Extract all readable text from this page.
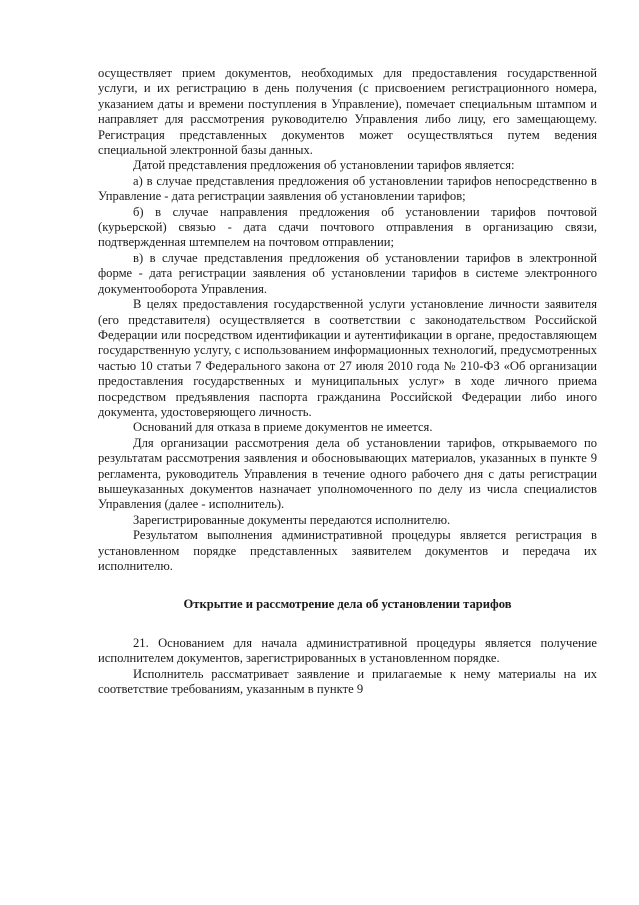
осуществляет прием документов, необходимых для предоставления государственной услуги, и их регистрацию в день получения (с присвоением регистрационного номера, указанием даты и времени поступления в Управление), помечает специальным штампом и направляет для рассмотрения руководителю Управления либо лицу, его замещающему. Регистрация представленных документов может осуществляться путем ведения специальной электронной базы данных.

Датой представления предложения об установлении тарифов является:

а) в случае представления предложения об установлении тарифов непосредственно в Управление - дата регистрации заявления об установлении тарифов;

б) в случае направления предложения об установлении тарифов почтовой (курьерской) связью - дата сдачи почтового отправления в организацию связи, подтвержденная штемпелем на почтовом отправлении;

в) в случае представления предложения об установлении тарифов в электронной форме - дата регистрации заявления об установлении тарифов в системе электронного документооборота Управления.

В целях предоставления государственной услуги установление личности заявителя (его представителя) осуществляется в соответствии с законодательством Российской Федерации или посредством идентификации и аутентификации в органе, предоставляющем государственную услугу, с использованием информационных технологий, предусмотренных частью 10 статьи 7 Федерального закона от 27 июля 2010 года № 210-ФЗ «Об организации предоставления государственных и муниципальных услуг» в ходе личного приема посредством предъявления паспорта гражданина Российской Федерации либо иного документа, удостоверяющего личность.

Оснований для отказа в приеме документов не имеется.

Для организации рассмотрения дела об установлении тарифов, открываемого по результатам рассмотрения заявления и обосновывающих материалов, указанных в пункте 9 регламента, руководитель Управления в течение одного рабочего дня с даты регистрации вышеуказанных документов назначает уполномоченного по делу из числа специалистов Управления (далее - исполнитель).

Зарегистрированные документы передаются исполнителю.

Результатом выполнения административной процедуры является регистрация в установленном порядке представленных заявителем документов и передача их исполнителю.

Открытие и рассмотрение дела об установлении тарифов

21. Основанием для начала административной процедуры является получение исполнителем документов, зарегистрированных в установленном порядке.

Исполнитель рассматривает заявление и прилагаемые к нему материалы на их соответствие требованиям, указанным в пункте 9
